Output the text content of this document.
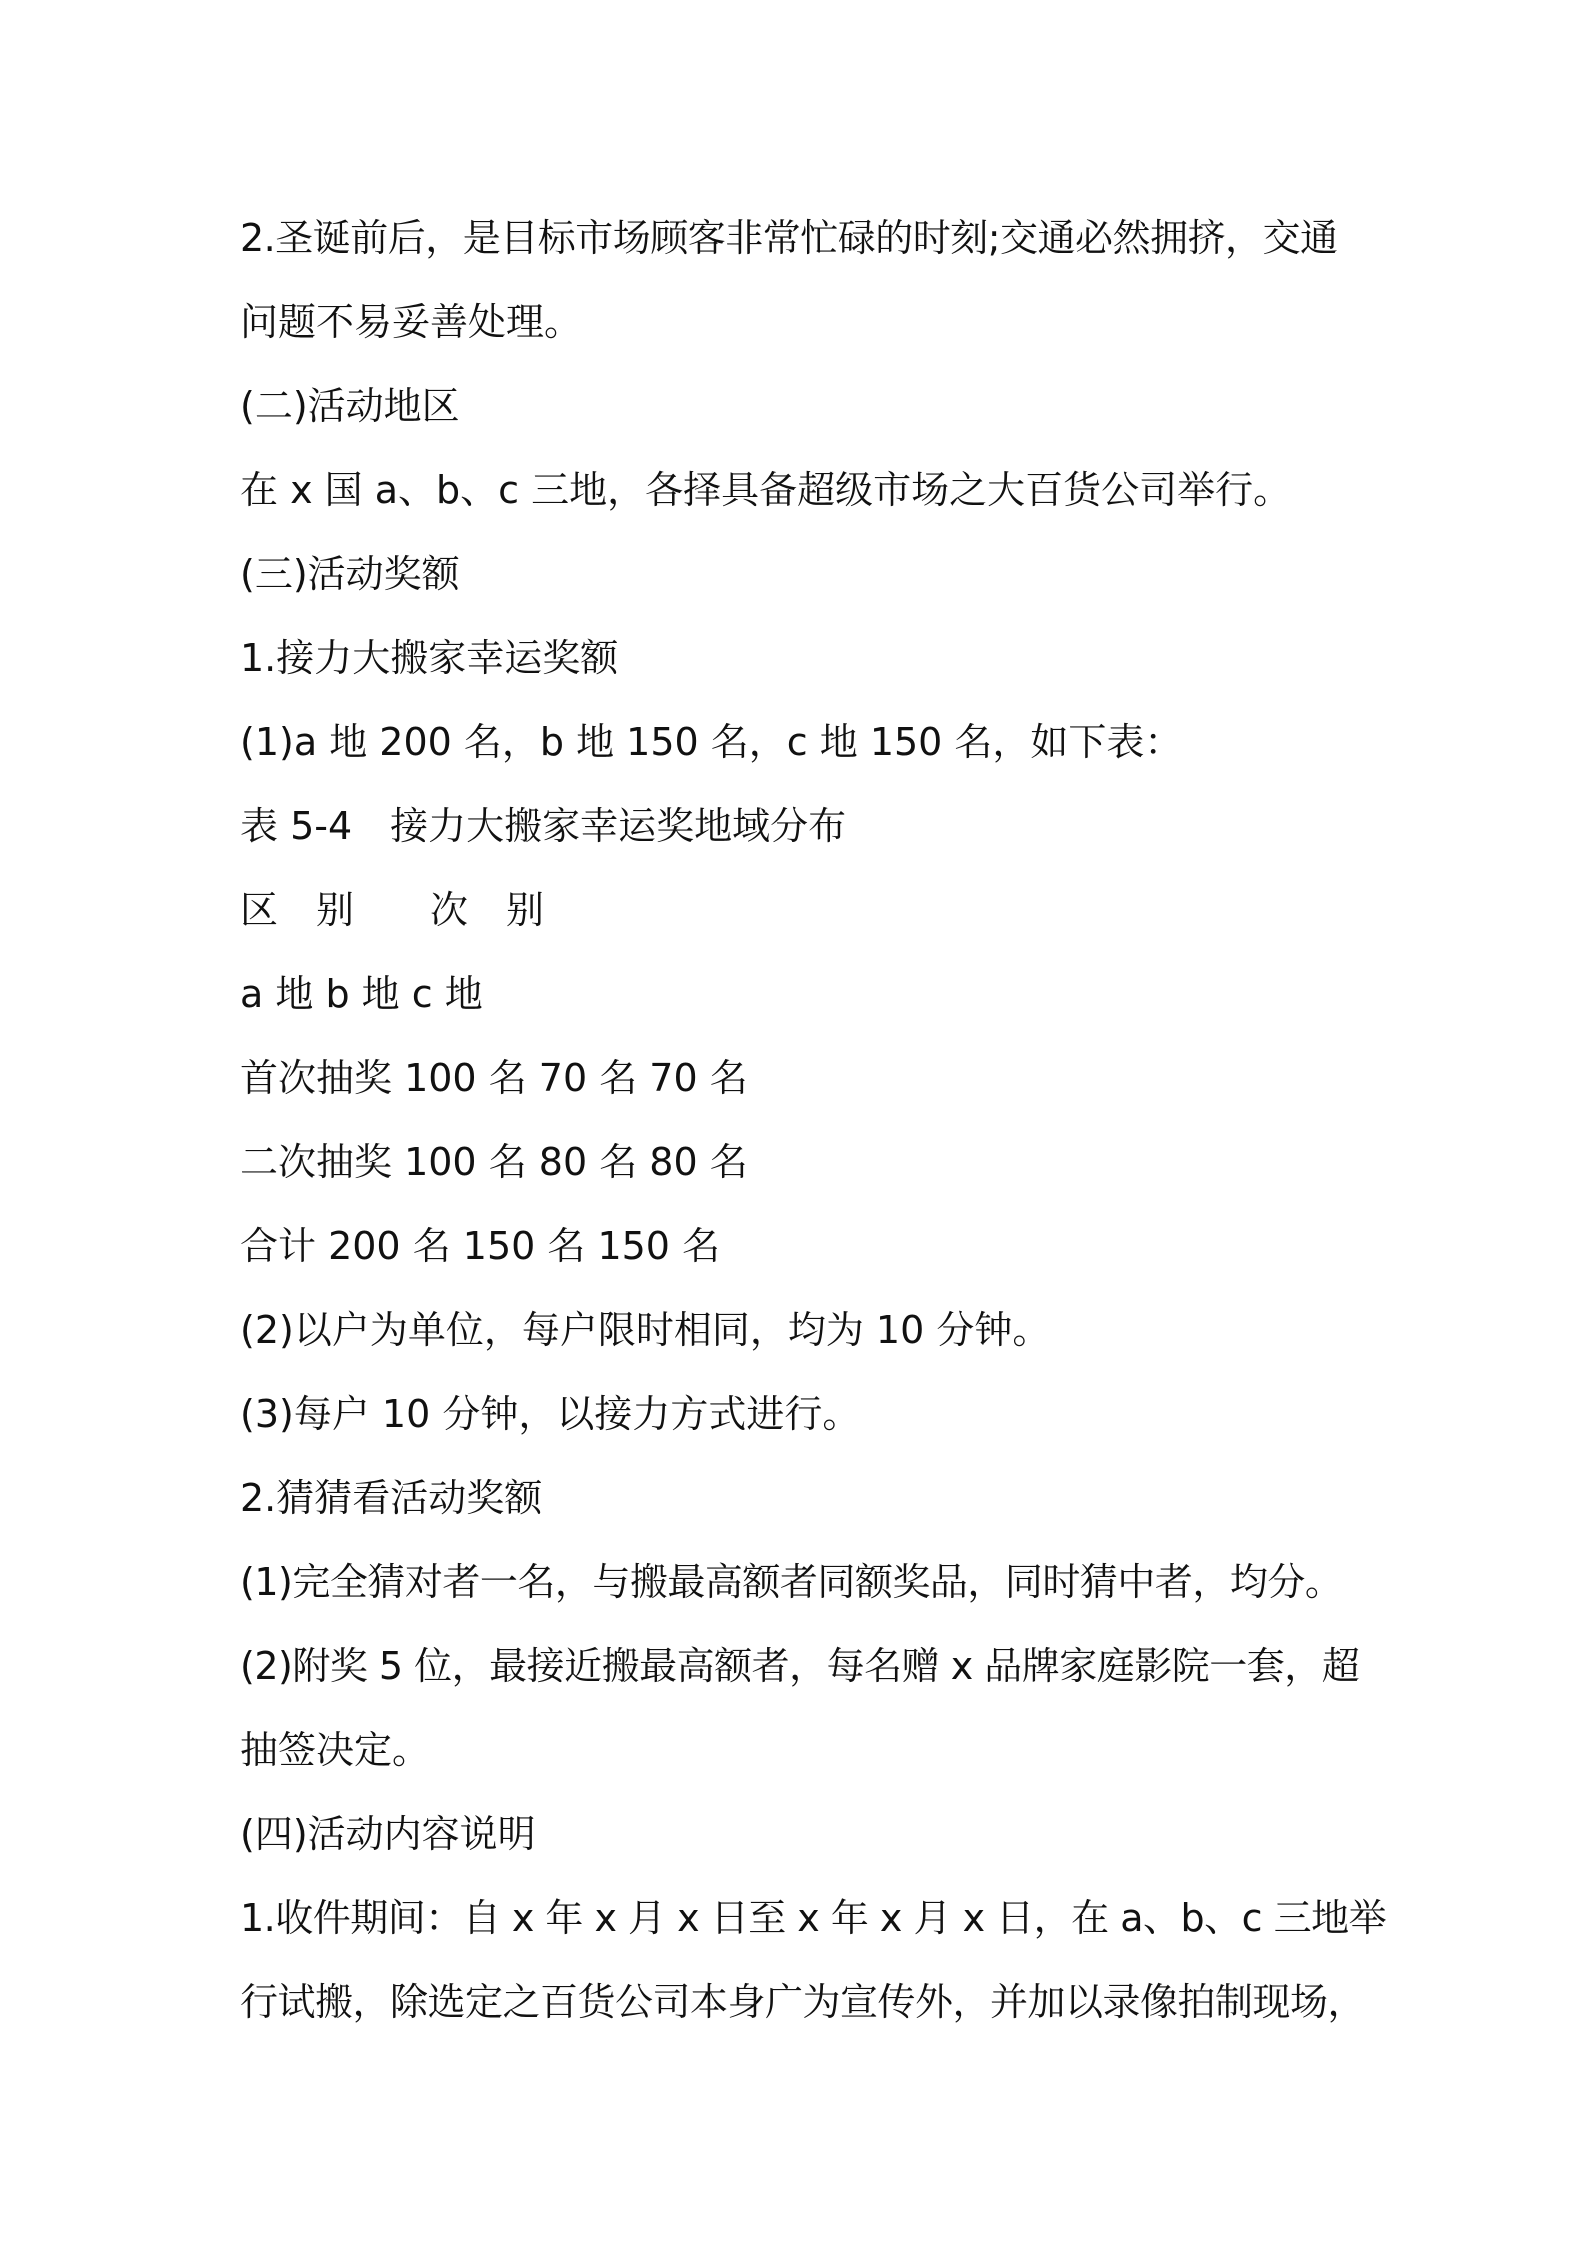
2.圣诞前后，是目标市场顾客非常忙碌的时刻;交通必然拥挤，交通
问题不易妥善处理。
(二)活动地区
在 x 国 a、b、c 三地，各择具备超级市场之大百货公司举行。
(三)活动奖额
1.接力大搬家幸运奖额
(1)a 地 200 名，b 地 150 名，c 地 150 名，如下表：
表 5-4　接力大搬家幸运奖地域分布
区　别　　次　别
a 地 b 地 c 地
首次抽奖 100 名 70 名 70 名
二次抽奖 100 名 80 名 80 名
合计 200 名 150 名 150 名
(2)以户为单位，每户限时相同，均为 10 分钟。
(3)每户 10 分钟，以接力方式进行。
2.猜猜看活动奖额
(1)完全猜对者一名，与搬最高额者同额奖品，同时猜中者，均分。
(2)附奖 5 位，最接近搬最高额者，每名赠 x 品牌家庭影院一套，超
抽签决定。
(四)活动内容说明
1.收件期间：自 x 年 x 月 x 日至 x 年 x 月 x 日，在 a、b、c 三地举
行试搬，除选定之百货公司本身广为宣传外，并加以录像拍制现场，
